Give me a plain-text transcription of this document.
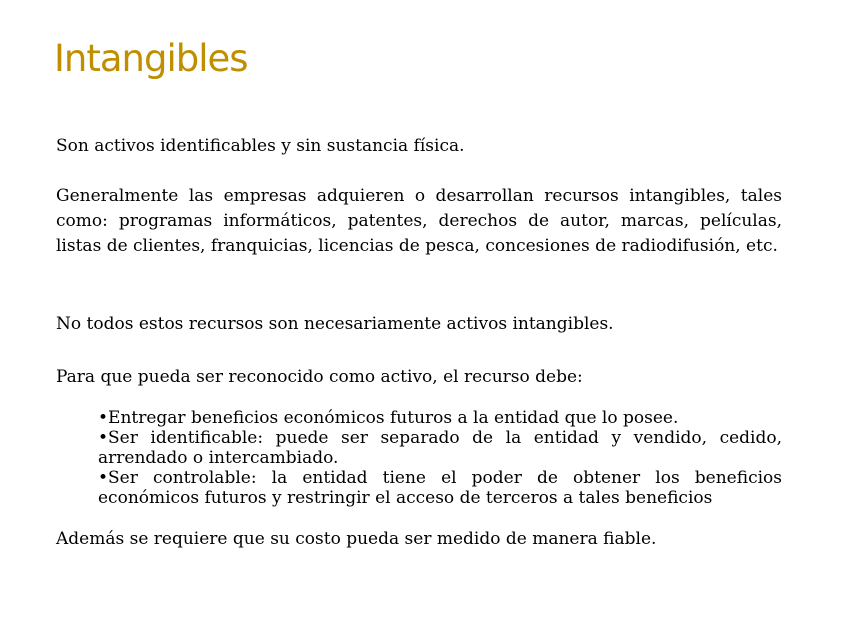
Intangibles

Son activos identificables y sin sustancia física.

Generalmente las empresas adquieren o desarrollan recursos intangibles, tales como: programas informáticos, patentes, derechos de autor, marcas, películas, listas de clientes, franquicias, licencias de pesca, concesiones de radiodifusión, etc.

No todos estos recursos son necesariamente activos intangibles.

Para que pueda ser reconocido como activo, el recurso debe:

•Entregar beneficios económicos futuros a la entidad que lo posee.
•Ser identificable: puede ser separado de la entidad y vendido, cedido, arrendado o intercambiado.
•Ser controlable: la entidad tiene el poder de obtener los beneficios económicos futuros y restringir el acceso de terceros a tales beneficios

Además se requiere que su costo pueda ser medido de manera fiable.
